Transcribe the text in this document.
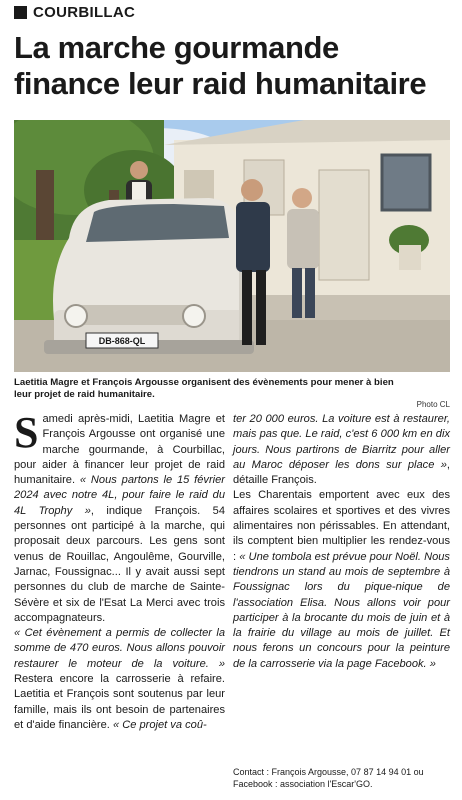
COURBILLAC
La marche gourmande
finance leur raid humanitaire
DB-868-QL
Laetitia Magre et François Argousse organisent des évènements pour mener à bien leur projet de raid humanitaire.
Photo CL

Samedi après-midi, Laetitia Magre et François Argousse ont organisé une marche gourmande, à Courbillac, pour aider à financer leur projet de raid humanitaire. « Nous partons le 15 février 2024 avec notre 4L, pour faire le raid du 4L Trophy », indique François. 54 personnes ont participé à la marche, qui proposait deux parcours. Les gens sont venus de Rouillac, Angoulême, Gourville, Jarnac, Foussignac... Il y avait aussi sept personnes du club de marche de Sainte-Sévère et six de l'Esat La Merci avec trois accompagnateurs.

« Cet évènement a permis de collecter la somme de 470 euros. Nous allons pouvoir restaurer le moteur de la voiture. » Restera encore la carrosserie à refaire. Laetitia et François sont soutenus par leur famille, mais ils ont besoin de partenaires et d'aide financière. « Ce projet va coû-

ter 20 000 euros. La voiture est à restaurer, mais pas que. Le raid, c'est 6 000 km en dix jours. Nous partirons de Biarritz pour aller au Maroc déposer les dons sur place », détaille François.

Les Charentais emportent avec eux des affaires scolaires et sportives et des vivres alimentaires non périssables. En attendant, ils comptent bien multiplier les rendez-vous : « Une tombola est prévue pour Noël. Nous tiendrons un stand au mois de septembre à Foussignac lors du pique-nique de l'association Elisa. Nous allons voir pour participer à la brocante du mois de juin et à la frairie du village au mois de juillet. Et nous ferons un concours pour la peinture de la carrosserie via la page Facebook. »

Contact : François Argousse, 07 87 14 94 01 ou Facebook : association l'Escar'GO.
